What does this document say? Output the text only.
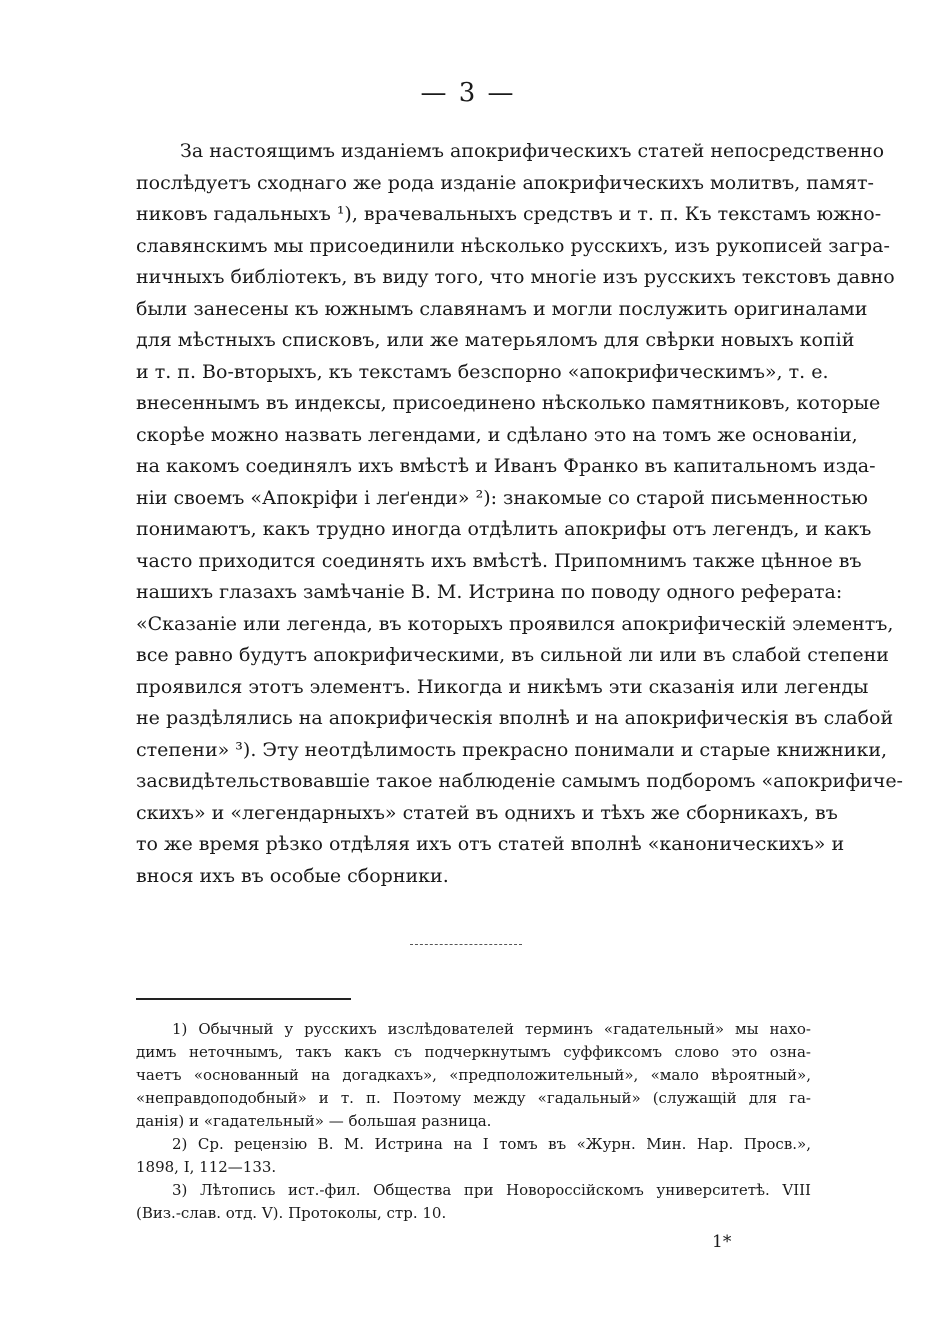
— 3 —
За настоящимъ изданіемъ апокрифическихъ статей непосредственно
послѣдуетъ сходнаго же рода изданіе апокрифическихъ молитвъ, памят-
никовъ гадальныхъ ¹), врачевальныхъ средствъ и т. п. Къ текстамъ южно-
славянскимъ мы присоединили нѣсколько русскихъ, изъ рукописей загра-
ничныхъ библіотекъ, въ виду того, что многіе изъ русскихъ текстовъ давно
были занесены къ южнымъ славянамъ и могли послужить оригиналами
для мѣстныхъ списковъ, или же матерьяломъ для свѣрки новыхъ копій
и т. п. Во-вторыхъ, къ текстамъ безспорно «апокрифическимъ», т. е.
внесеннымъ въ индексы, присоединено нѣсколько памятниковъ, которые
скорѣе можно назвать легендами, и сдѣлано это на томъ же основаніи,
на какомъ соединялъ ихъ вмѣстѣ и Иванъ Франко въ капитальномъ изда-
ніи своемъ «Апокріфи і леґенди» ²): знакомые со старой письменностью
понимаютъ, какъ трудно иногда отдѣлить апокрифы отъ легендъ, и какъ
часто приходится соединять ихъ вмѣстѣ. Припомнимъ также цѣнное въ
нашихъ глазахъ замѣчаніе В. М. Истрина по поводу одного реферата:
«Сказаніе или легенда, въ которыхъ проявился апокрифическій элементъ,
все равно будутъ апокрифическими, въ сильной ли или въ слабой степени
проявился этотъ элементъ. Никогда и никѣмъ эти сказанія или легенды
не раздѣлялись на апокрифическія вполнѣ и на апокрифическія въ слабой
степени» ³). Эту неотдѣлимость прекрасно понимали и старые книжники,
засвидѣтельствовавшіе такое наблюденіе самымъ подборомъ «апокрифиче-
скихъ» и «легендарныхъ» статей въ однихъ и тѣхъ же сборникахъ, въ
то же время рѣзко отдѣляя ихъ отъ статей вполнѣ «каноническихъ» и
внося ихъ въ особые сборники.
1) Обычный у русскихъ изслѣдователей терминъ «гадательный» мы нахо-
димъ неточнымъ, такъ какъ съ подчеркнутымъ суффиксомъ слово это озна-
чаетъ «основанный на догадкахъ», «предположительный», «мало вѣроятный»,
«неправдоподобный» и т. п. Поэтому между «гадальный» (служащій для га-
данія) и «гадательный» — большая разница.
2) Ср. рецензію В. М. Истрина на I томъ въ «Журн. Мин. Нар. Просв.»,
1898, I, 112—133.
3) Лѣтопись ист.-фил. Общества при Новороссійскомъ университетѣ. VIII
(Виз.-слав. отд. V). Протоколы, стр. 10.
1*
